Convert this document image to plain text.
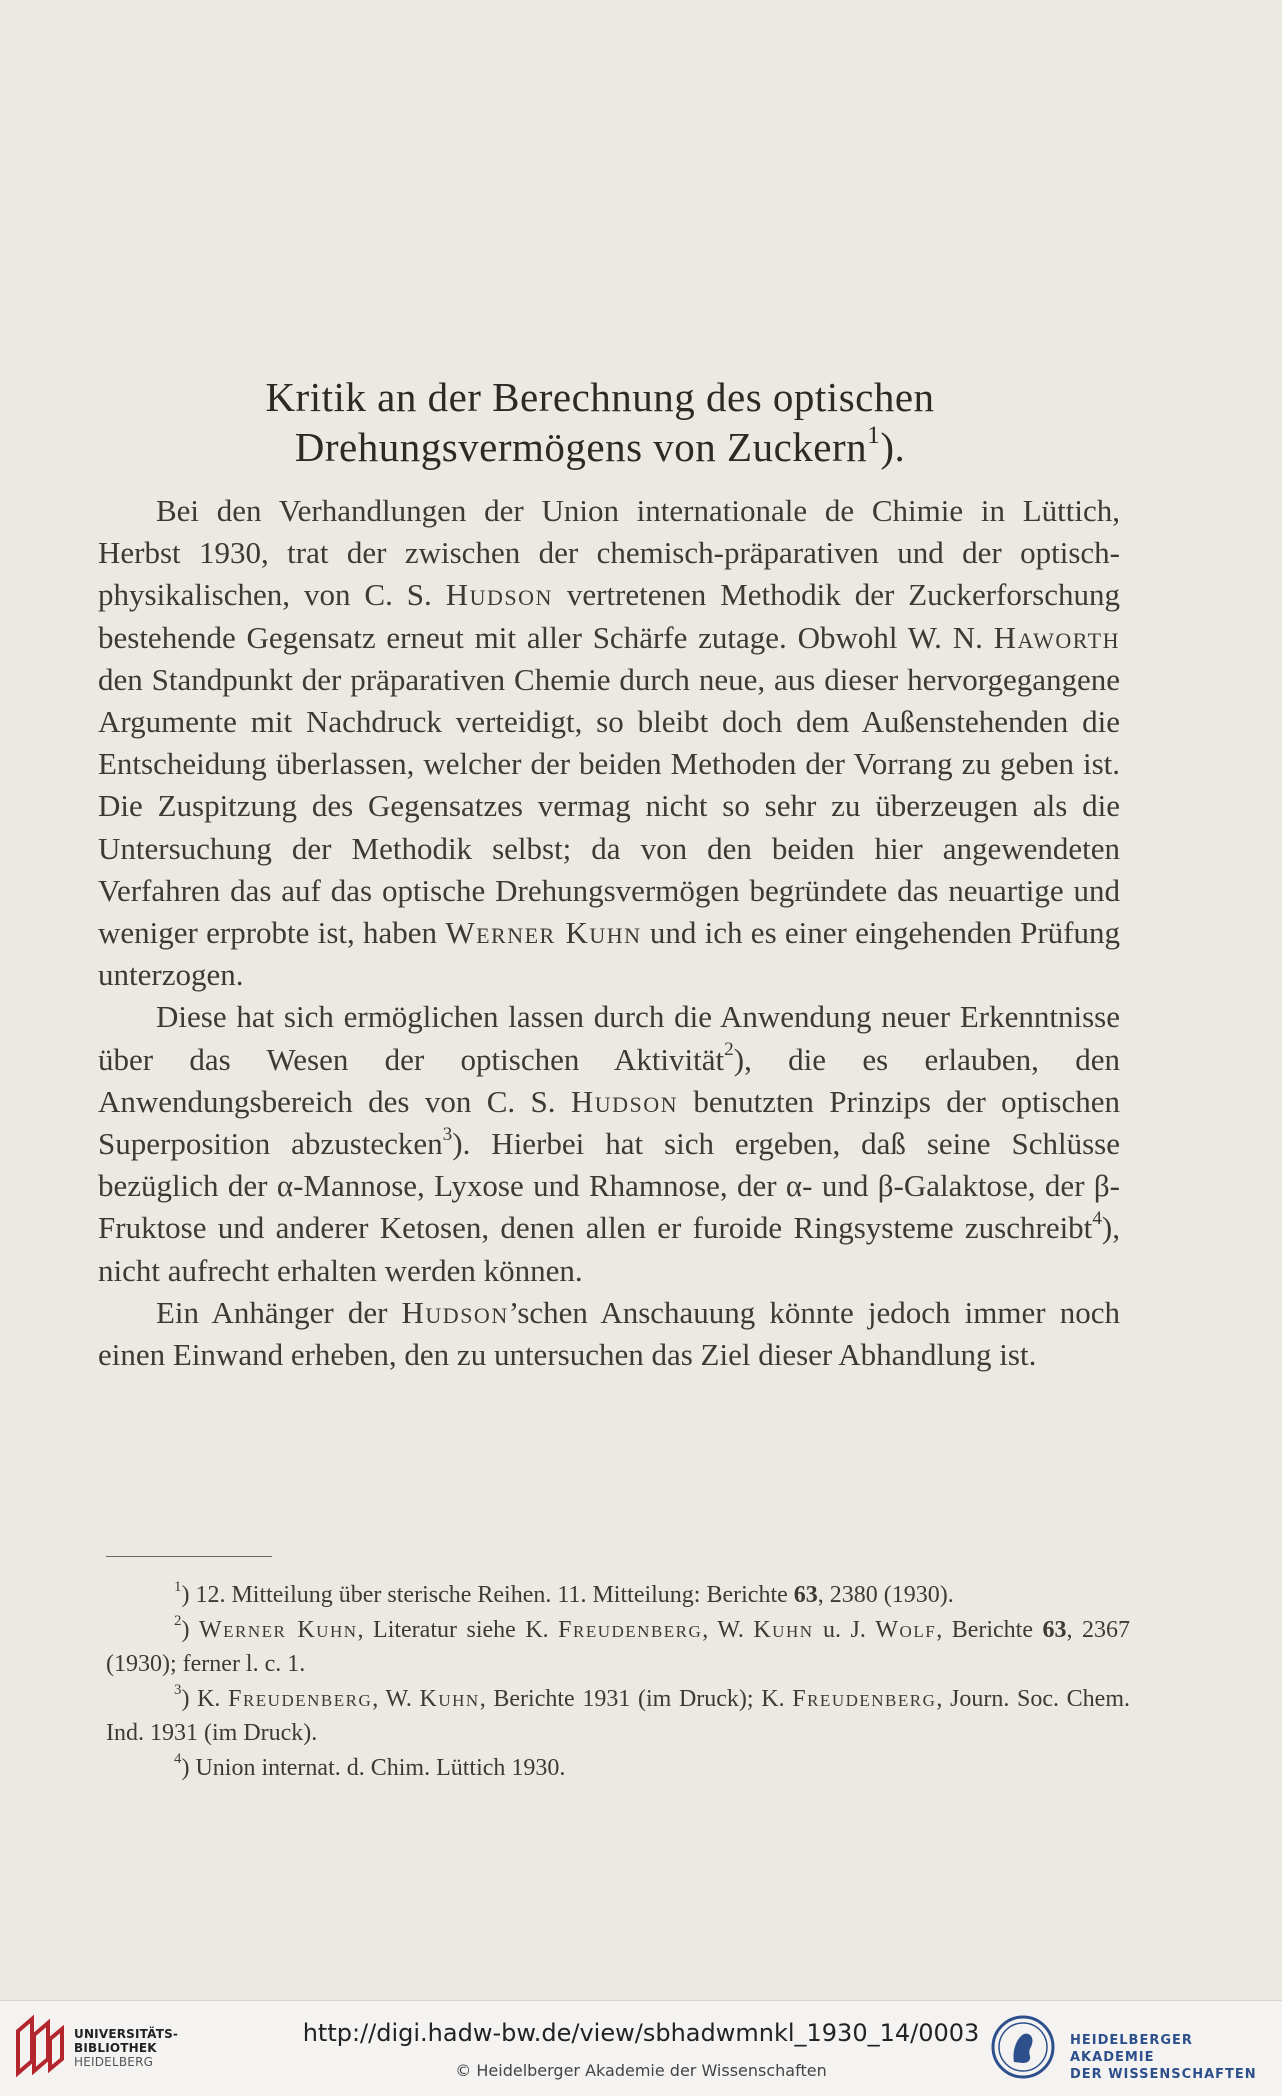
Kritik an der Berechnung des optischen
Drehungsvermögens von Zuckern$^1$).

Bei den Verhandlungen der Union internationale de Chimie in Lüttich, Herbst 1930, trat der zwischen der chemisch-präparativen und der optisch-physikalischen, von C. S. Hudson vertretenen Methodik der Zuckerforschung bestehende Gegensatz erneut mit aller Schärfe zutage. Obwohl W. N. Haworth den Standpunkt der präparativen Chemie durch neue, aus dieser hervorgegangene Argumente mit Nachdruck verteidigt, so bleibt doch dem Außenstehenden die Entscheidung überlassen, welcher der beiden Methoden der Vorrang zu geben ist. Die Zuspitzung des Gegensatzes vermag nicht so sehr zu überzeugen als die Untersuchung der Methodik selbst; da von den beiden hier angewendeten Verfahren das auf das optische Drehungsvermögen begründete das neuartige und weniger erprobte ist, haben Werner Kuhn und ich es einer eingehenden Prüfung unterzogen.

Diese hat sich ermöglichen lassen durch die Anwendung neuer Erkenntnisse über das Wesen der optischen Aktivität$^2$), die es erlauben, den Anwendungsbereich des von C. S. Hudson benutzten Prinzips der optischen Superposition abzustecken$^3$). Hierbei hat sich ergeben, daß seine Schlüsse bezüglich der α-Mannose, Lyxose und Rhamnose, der α- und β-Galaktose, der β-Fruktose und anderer Ketosen, denen allen er furoide Ringsysteme zuschreibt$^4$), nicht aufrecht erhalten werden können.

Ein Anhänger der Hudson’schen Anschauung könnte jedoch immer noch einen Einwand erheben, den zu untersuchen das Ziel dieser Abhandlung ist.

$^1$) 12. Mitteilung über sterische Reihen. 11. Mitteilung: Berichte 63, 2380 (1930).

$^2$) Werner Kuhn, Literatur siehe K. Freudenberg, W. Kuhn u. J. Wolf, Berichte 63, 2367 (1930); ferner l. c. 1.

$^3$) K. Freudenberg, W. Kuhn, Berichte 1931 (im Druck); K. Freudenberg, Journ. Soc. Chem. Ind. 1931 (im Druck).

$^4$) Union internat. d. Chim. Lüttich 1930.

UNIVERSITÄTS-
BIBLIOTHEK
HEIDELBERG
http://digi.hadw-bw.de/view/sbhadwmnkl_1930_14/0003
© Heidelberger Akademie der Wissenschaften
HEIDELBERGER AKADEMIE
DER WISSENSCHAFTEN
